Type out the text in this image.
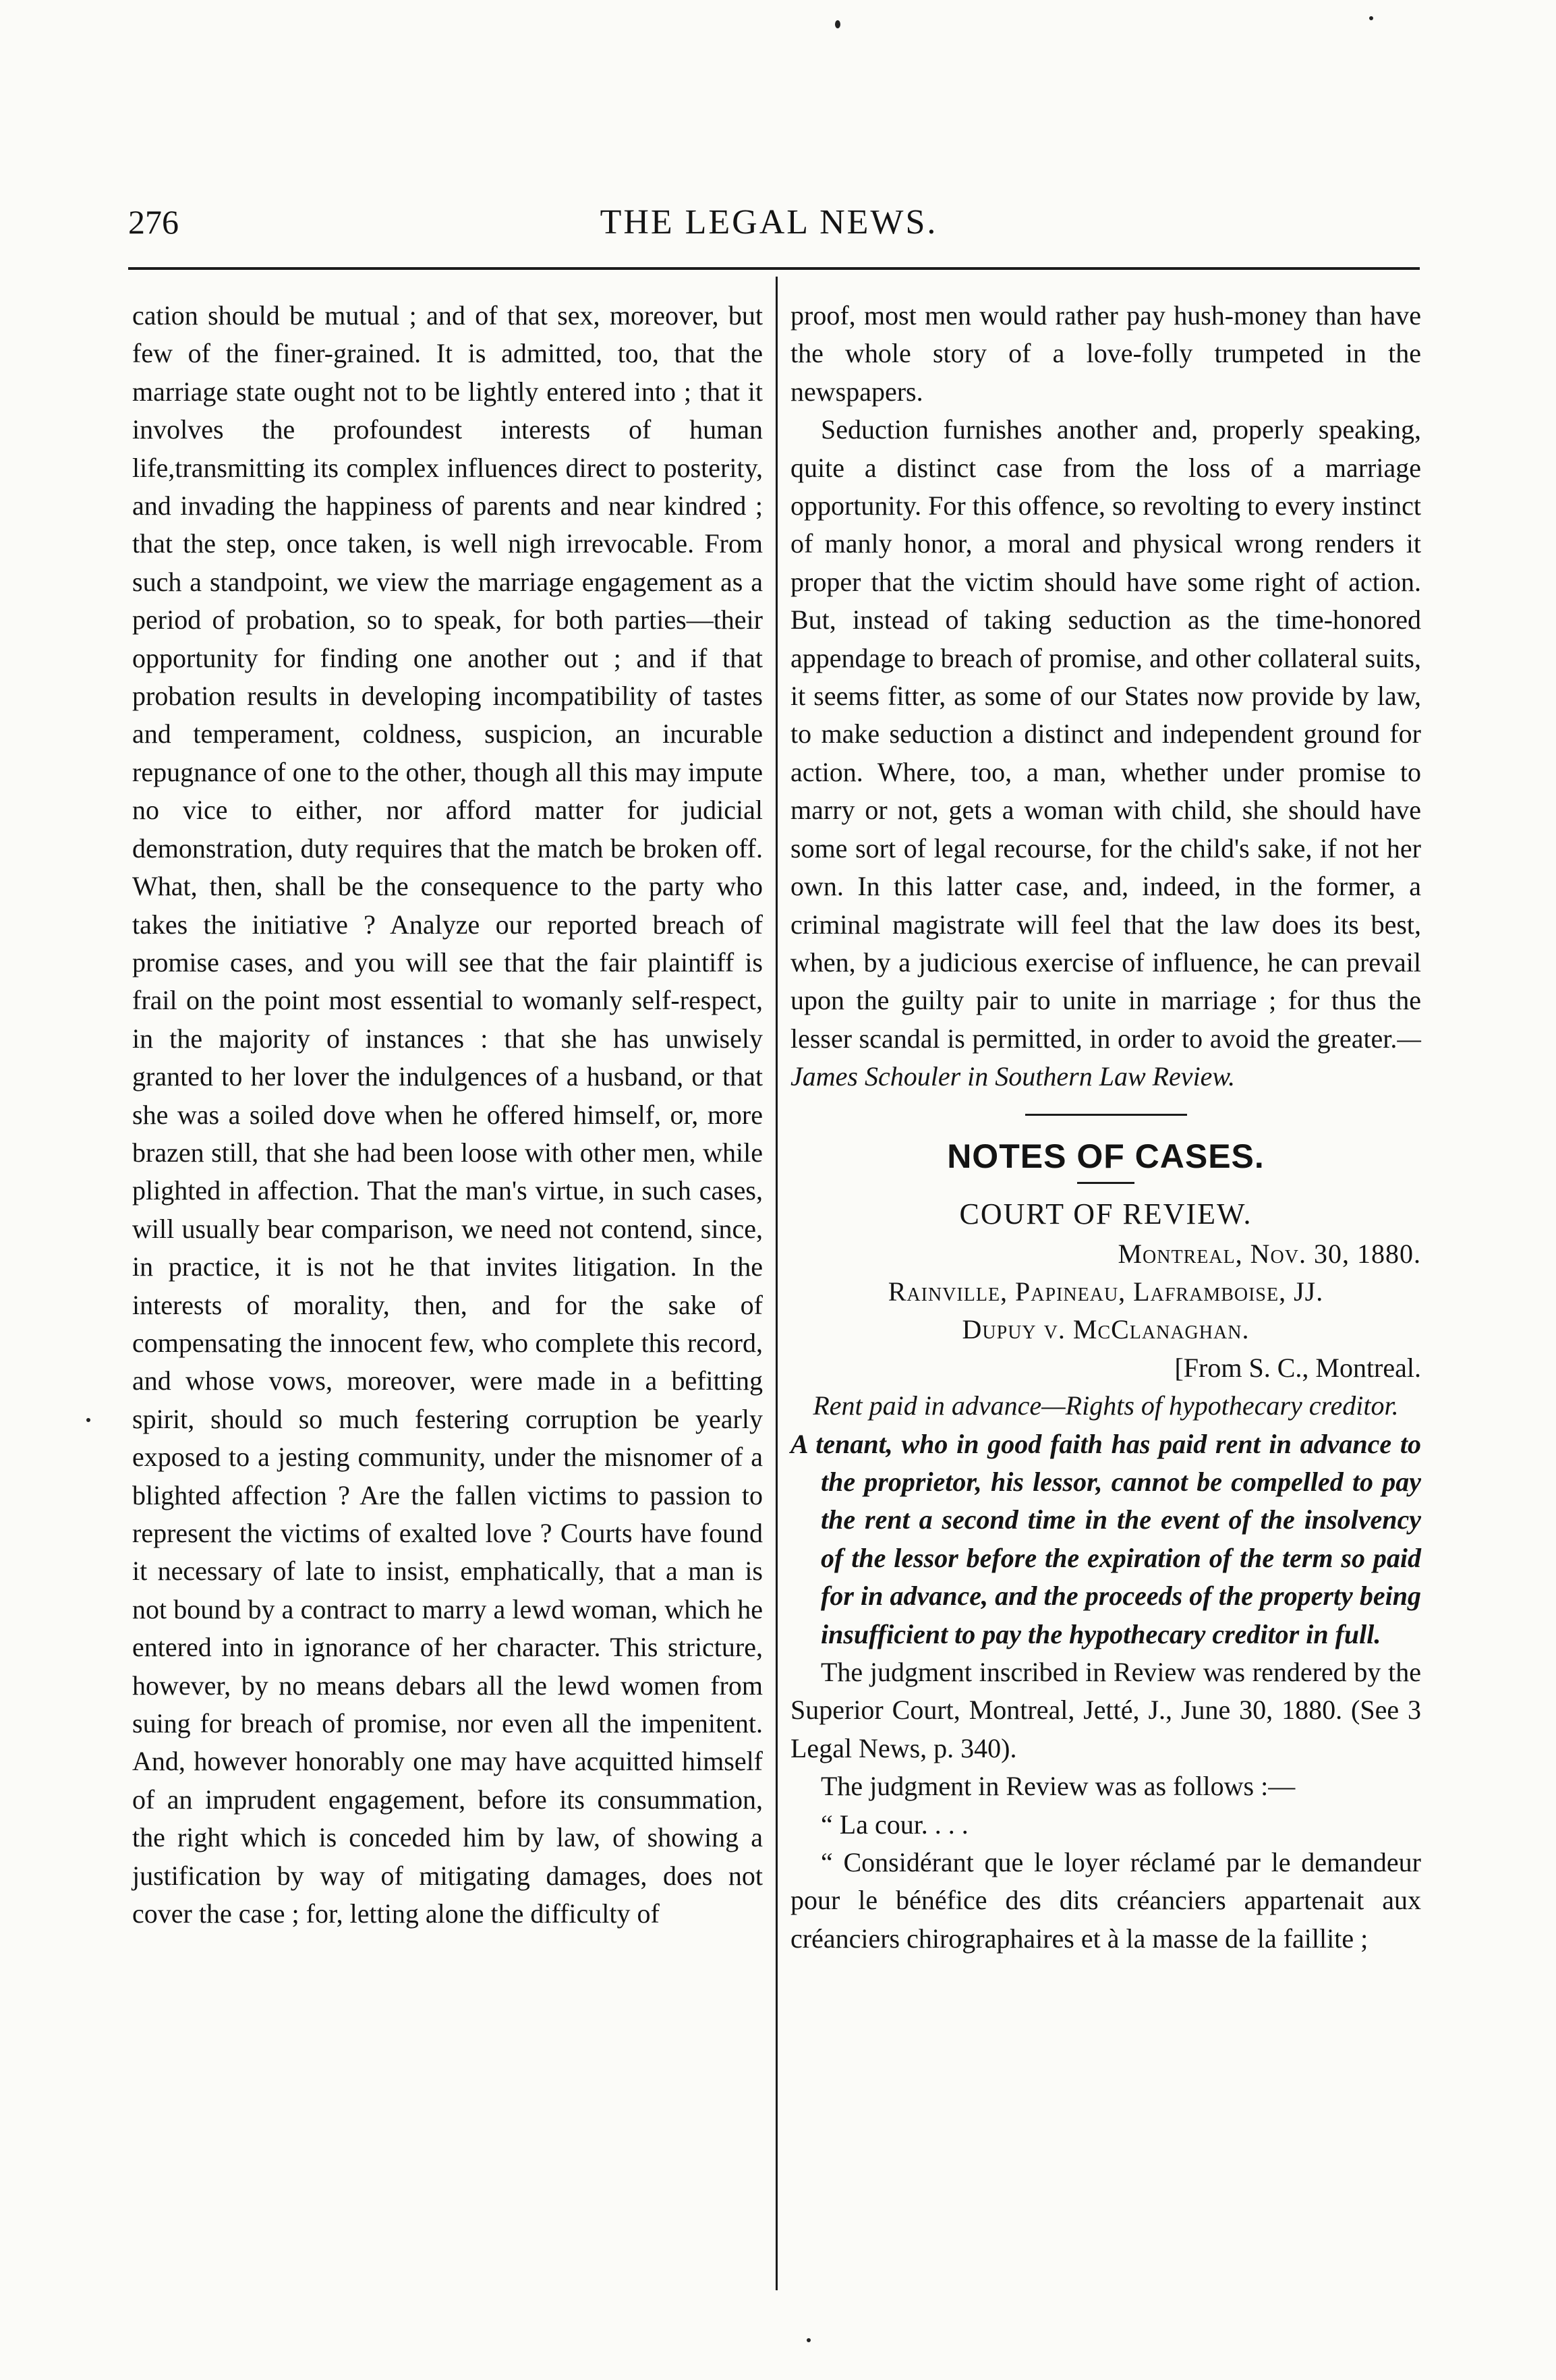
276	THE LEGAL NEWS.

cation should be mutual ; and of that sex, moreover, but few of the finer-grained. It is admitted, too, that the marriage state ought not to be lightly entered into ; that it involves the profoundest interests of human life,transmitting its complex influences direct to posterity, and invading the happiness of parents and near kindred ; that the step, once taken, is well nigh irrevocable. From such a standpoint, we view the marriage engagement as a period of probation, so to speak, for both parties—their opportunity for finding one another out ; and if that probation results in developing incompatibility of tastes and temperament, coldness, suspicion, an incurable repugnance of one to the other, though all this may impute no vice to either, nor afford matter for judicial demonstration, duty requires that the match be broken off. What, then, shall be the consequence to the party who takes the initiative ? Analyze our reported breach of promise cases, and you will see that the fair plaintiff is frail on the point most essential to womanly self-respect, in the majority of instances : that she has unwisely granted to her lover the indulgences of a husband, or that she was a soiled dove when he offered himself, or, more brazen still, that she had been loose with other men, while plighted in affection. That the man's virtue, in such cases, will usually bear comparison, we need not contend, since, in practice, it is not he that invites litigation. In the interests of morality, then, and for the sake of compensating the innocent few, who complete this record, and whose vows, moreover, were made in a befitting spirit, should so much festering corruption be yearly exposed to a jesting community, under the misnomer of a blighted affection ? Are the fallen victims to passion to represent the victims of exalted love ? Courts have found it necessary of late to insist, emphatically, that a man is not bound by a contract to marry a lewd woman, which he entered into in ignorance of her character. This stricture, however, by no means debars all the lewd women from suing for breach of promise, nor even all the impenitent. And, however honorably one may have acquitted himself of an imprudent engagement, before its consummation, the right which is conceded him by law, of showing a justification by way of mitigating damages, does not cover the case ; for, letting alone the difficulty of

proof, most men would rather pay hush-money than have the whole story of a love-folly trumpeted in the newspapers.

Seduction furnishes another and, properly speaking, quite a distinct case from the loss of a marriage opportunity. For this offence, so revolting to every instinct of manly honor, a moral and physical wrong renders it proper that the victim should have some right of action. But, instead of taking seduction as the time-honored appendage to breach of promise, and other collateral suits, it seems fitter, as some of our States now provide by law, to make seduction a distinct and independent ground for action. Where, too, a man, whether under promise to marry or not, gets a woman with child, she should have some sort of legal recourse, for the child's sake, if not her own. In this latter case, and, indeed, in the former, a criminal magistrate will feel that the law does its best, when, by a judicious exercise of influence, he can prevail upon the guilty pair to unite in marriage ; for thus the lesser scandal is permitted, in order to avoid the greater.—James Schouler in Southern Law Review.

NOTES OF CASES.

COURT OF REVIEW.

Montreal, Nov. 30, 1880.

Rainville, Papineau, Laframboise, JJ.

Dupuy v. McClanaghan.

[From S. C., Montreal.

Rent paid in advance—Rights of hypothecary creditor.

A tenant, who in good faith has paid rent in advance to the proprietor, his lessor, cannot be compelled to pay the rent a second time in the event of the insolvency of the lessor before the expiration of the term so paid for in advance, and the proceeds of the property being insufficient to pay the hypothecary creditor in full.

The judgment inscribed in Review was rendered by the Superior Court, Montreal, Jetté, J., June 30, 1880. (See 3 Legal News, p. 340).

The judgment in Review was as follows :—

“ La cour. . . .

“ Considérant que le loyer réclamé par le demandeur pour le bénéfice des dits créanciers appartenait aux créanciers chirographaires et à la masse de la faillite ;
